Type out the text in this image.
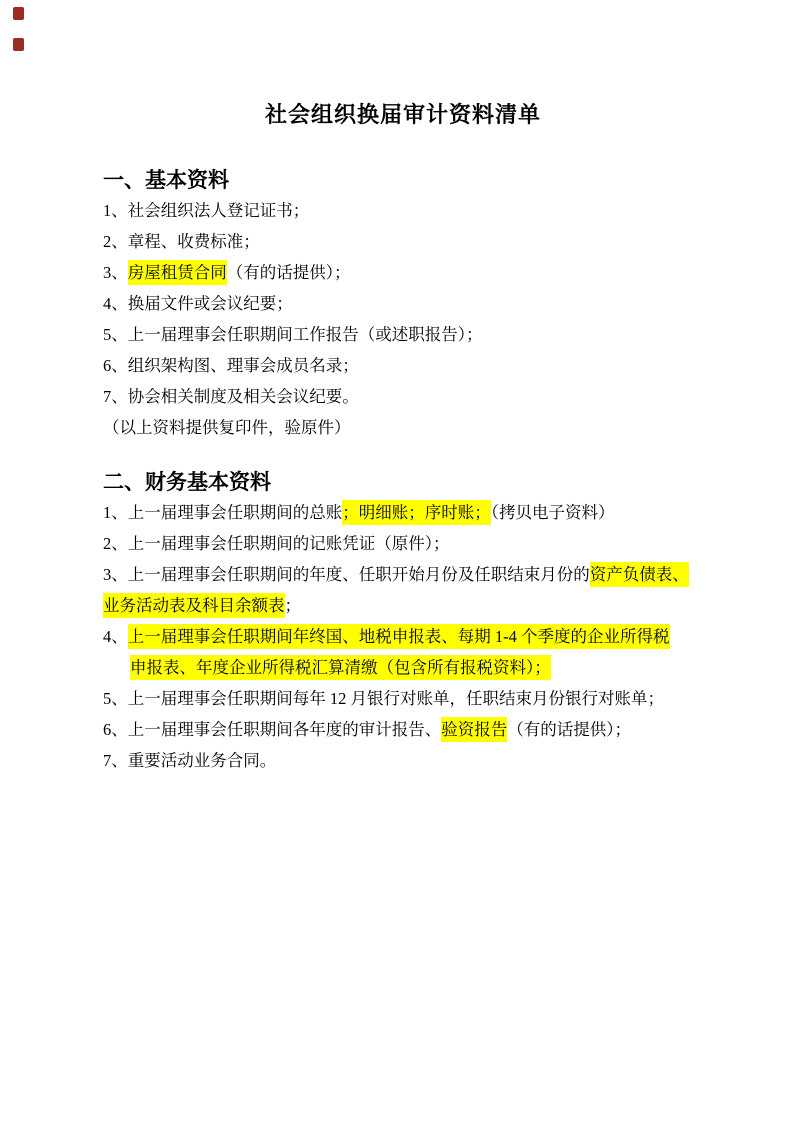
社会组织换届审计资料清单
一、基本资料

1、社会组织法人登记证书；

2、章程、收费标准；

3、房屋租赁合同（有的话提供）；

4、换届文件或会议纪要；

5、上一届理事会任职期间工作报告（或述职报告）；

6、组织架构图、理事会成员名录；

7、协会相关制度及相关会议纪要。

（以上资料提供复印件，验原件）

二、财务基本资料

1、上一届理事会任职期间的总账；明细账；序时账；（拷贝电子资料）

2、上一届理事会任职期间的记账凭证（原件）；

3、上一届理事会任职期间的年度、任职开始月份及任职结束月份的资产负债表、

业务活动表及科目余额表；

4、上一届理事会任职期间年终国、地税申报表、每期 1-4 个季度的企业所得税

申报表、年度企业所得税汇算清缴（包含所有报税资料）；

5、上一届理事会任职期间每年 12 月银行对账单，任职结束月份银行对账单；

6、上一届理事会任职期间各年度的审计报告、验资报告（有的话提供）；

7、重要活动业务合同。
